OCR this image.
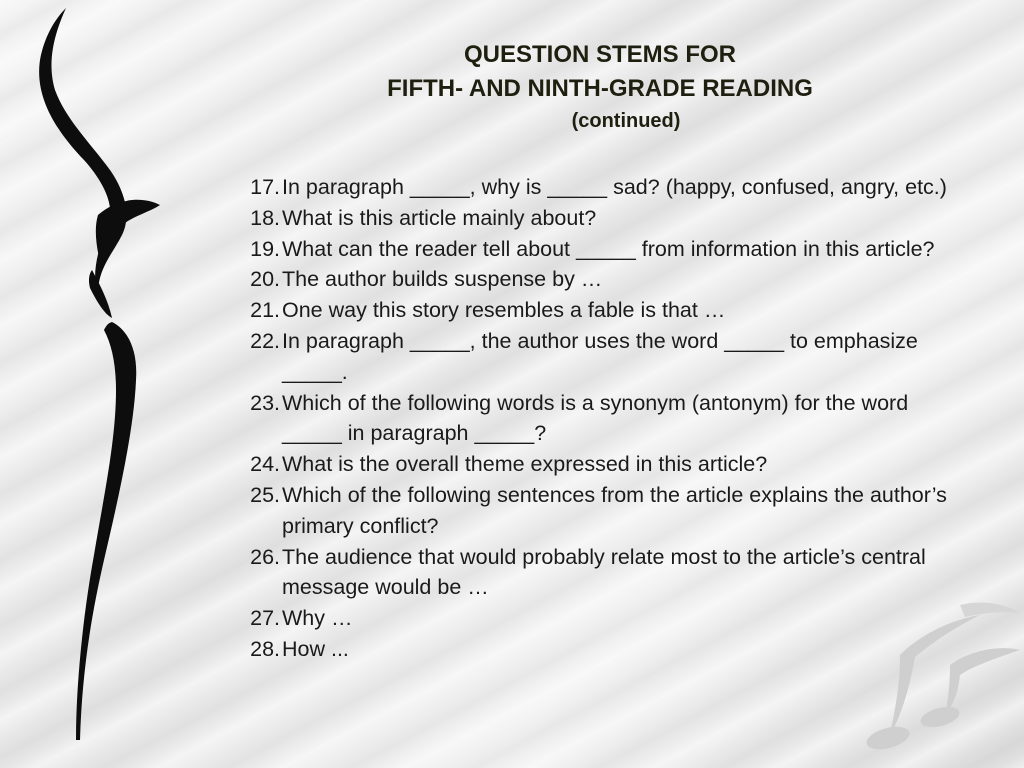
QUESTION STEMS FOR

FIFTH- AND NINTH-GRADE READING

(continued)

17. In paragraph _____, why is _____ sad? (happy, confused, angry, etc.)
18. What is this article mainly about?
19. What can the reader tell about _____ from information in this article?
20. The author builds suspense by …
21. One way this story resembles a fable is that …
22. In paragraph _____, the author uses the word _____ to emphasize _____.
23. Which of the following words is a synonym (antonym) for the word _____ in paragraph _____?
24. What is the overall theme expressed in this article?
25. Which of the following sentences from the article explains the author’s primary conflict?
26. The audience that would probably relate most to the article’s central message would be …
27. Why …
28. How ...
